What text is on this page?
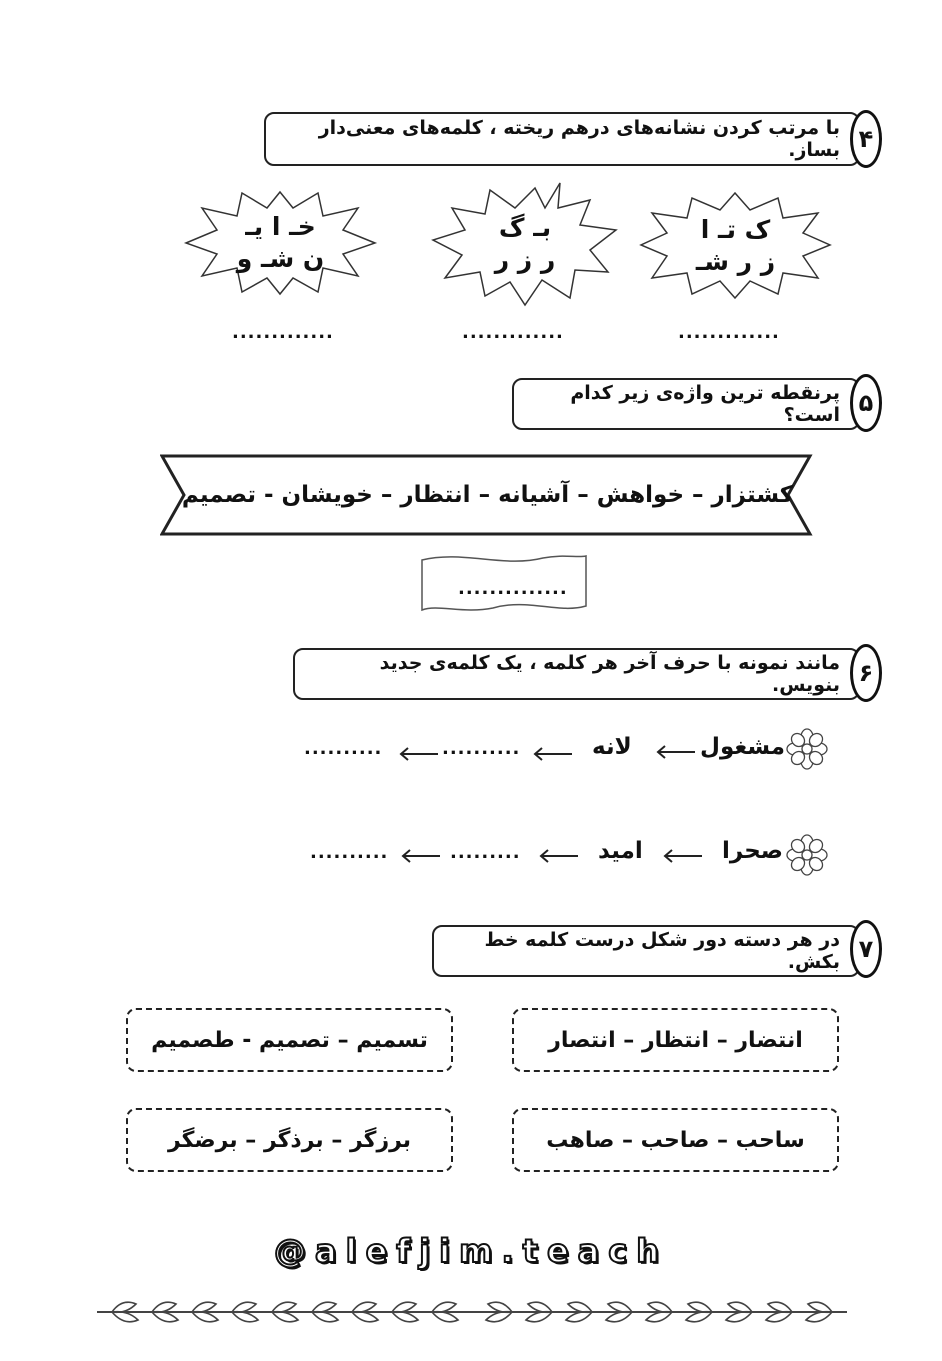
با مرتب کردن نشانه‌های درهم ریخته ، کلمه‌های معنی‌دار بساز. ۴
ک تـ ا
ز ر شـ
بـ گ
ر ز ر
خـ ا یـ
ن شـ و
.............
.............
.............
پرنقطه ترین واژه‌ی زیر کدام است؟ ۵
کشتزار – خواهش – آشیانه – انتظار – خویشان - تصمیم
..............
مانند نمونه با حرف آخر هر کلمه ، یک کلمه‌ی جدید بنویس. ۶
مشغول
لانه
..........
..........
صحرا
امید
.........
..........
در هر دسته دور شکل درست کلمه خط بکش. ۷
انتضار – انتظار – انتصار
تسمیم – تصمیم - طصمیم
ساحب – صاحب – صاهب
برزگر – برذگر – برضگر
@alefjim.teach
